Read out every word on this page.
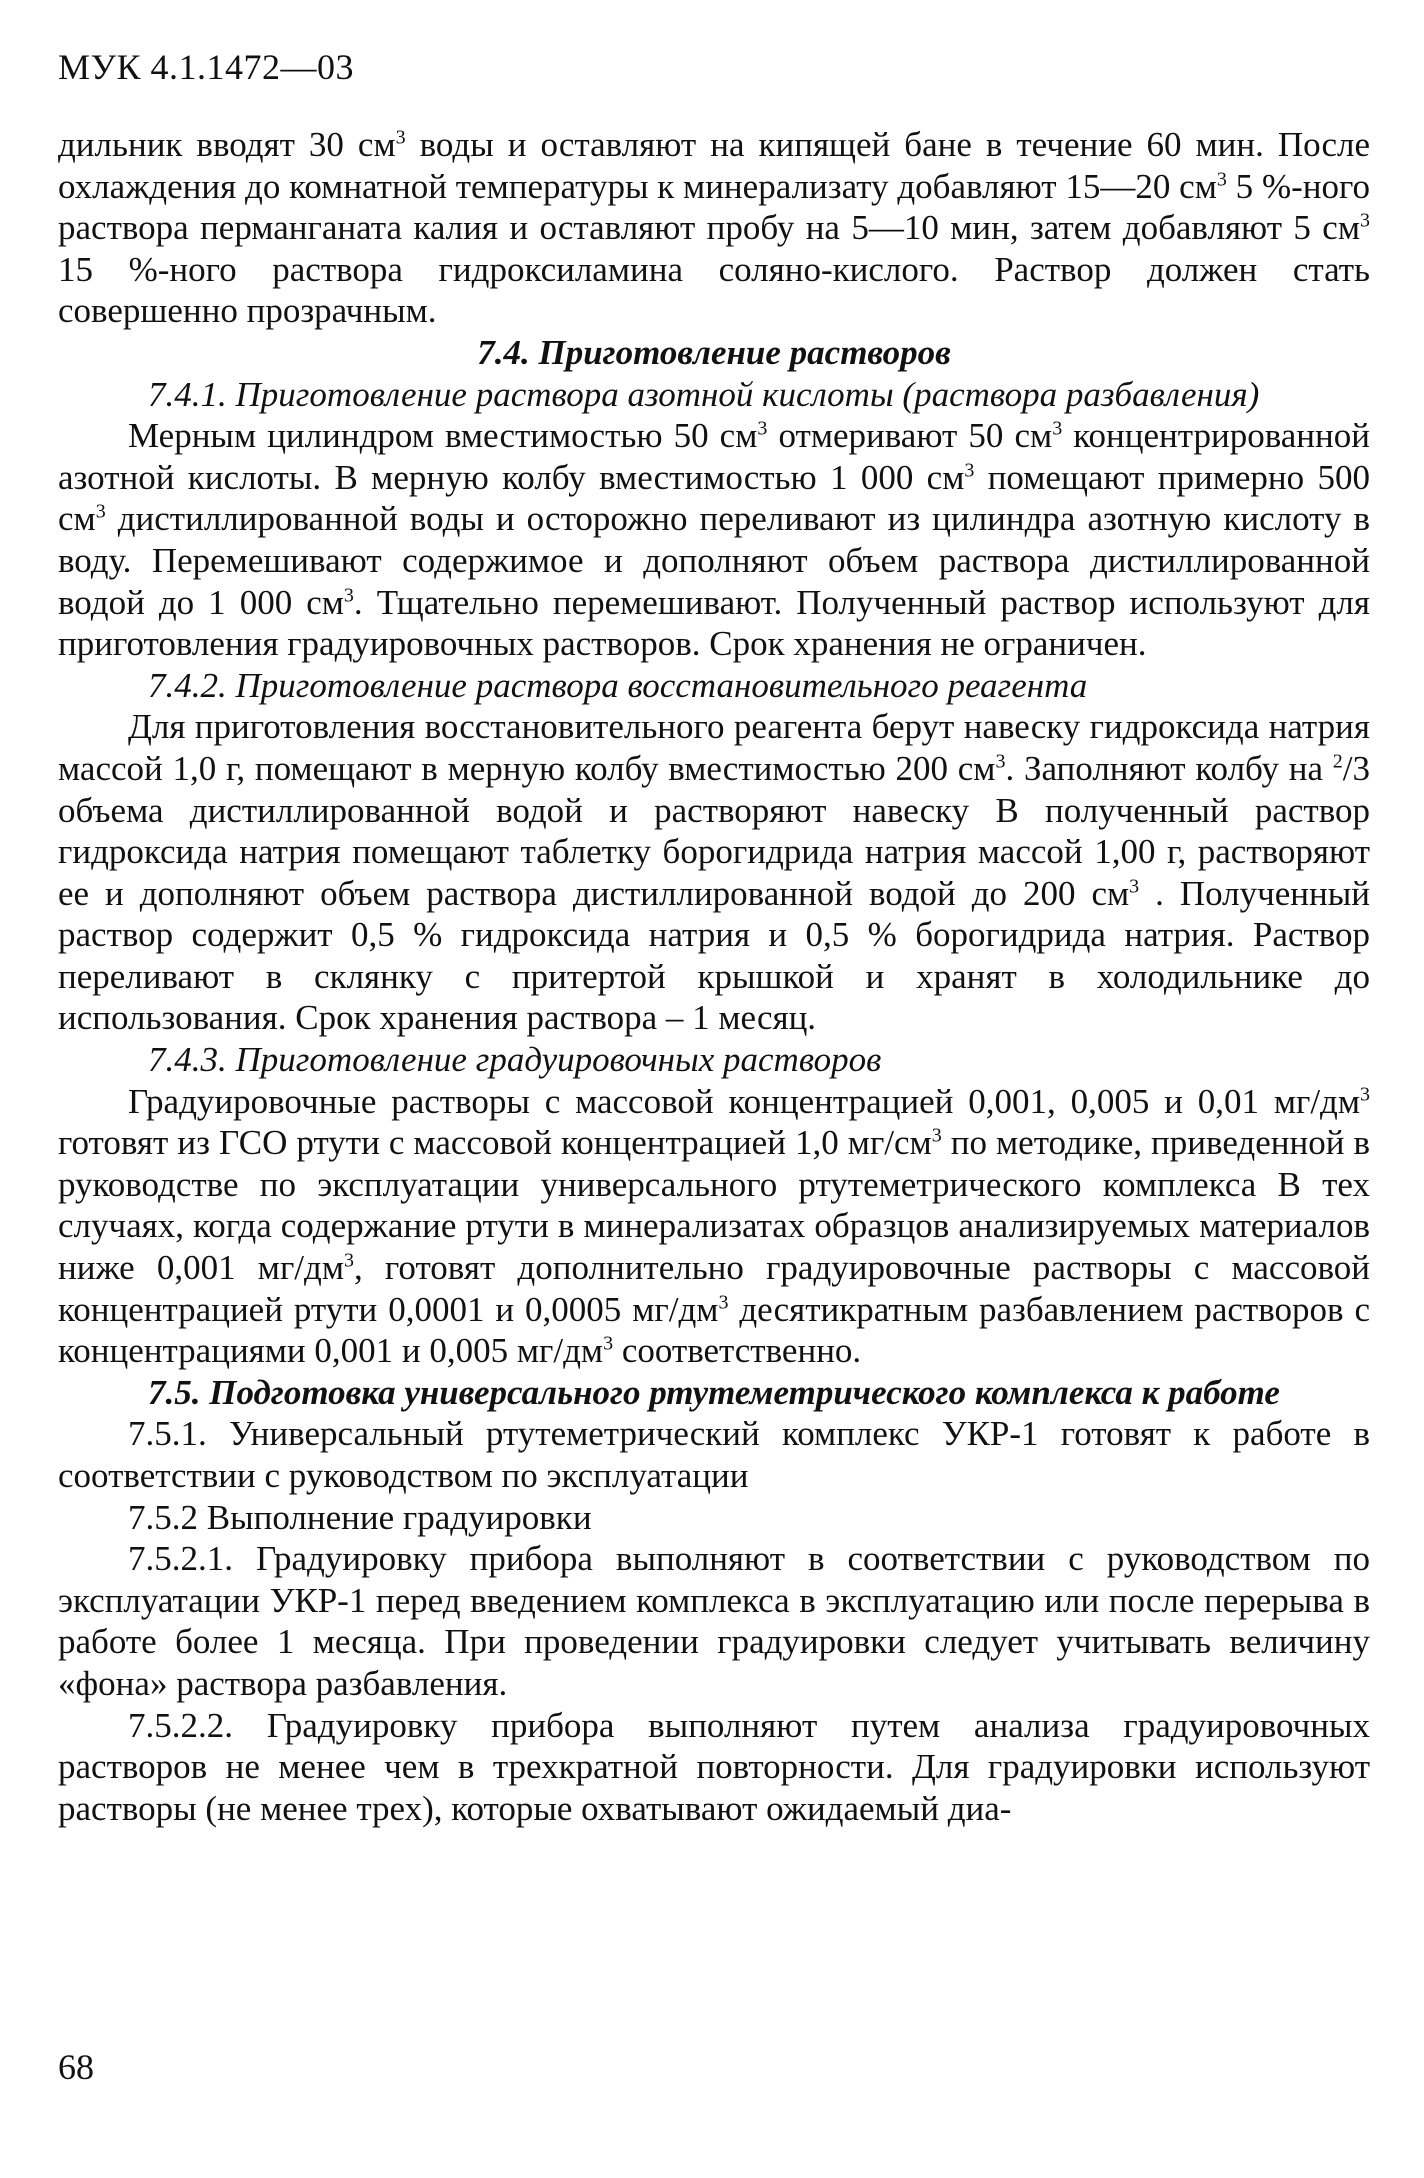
МУК 4.1.1472—03

дильник вводят 30 $см^3$ воды и оставляют на кипящей бане в течение 60 мин. После охлаждения до комнатной температуры к минерализату добавляют 15—20 $см^3$ 5 %-ного раствора перманганата калия и оставляют пробу на 5—10 мин, затем добавляют 5 $см^3$ 15 %-ного раствора гидроксиламина соляно-кислого. Раствор должен стать совершенно прозрачным.

7.4. Приготовление растворов

7.4.1. Приготовление раствора азотной кислоты (раствора разбавления)

Мерным цилиндром вместимостью 50 $см^3$ отмеривают 50 $см^3$ концентрированной азотной кислоты. В мерную колбу вместимостью 1 000 $см^3$ помещают примерно 500 $см^3$ дистиллированной воды и осторожно переливают из цилиндра азотную кислоту в воду. Перемешивают содержимое и дополняют объем раствора дистиллированной водой до 1 000 $см^3$. Тщательно перемешивают. Полученный раствор используют для приготовления градуировочных растворов. Срок хранения не ограничен.

7.4.2. Приготовление раствора восстановительного реагента

Для приготовления восстановительного реагента берут навеску гидроксида натрия массой 1,0 г, помещают в мерную колбу вместимостью 200 $см^3$. Заполняют колбу на $^2$/3 объема дистиллированной водой и растворяют навеску В полученный раствор гидроксида натрия помещают таблетку борогидрида натрия массой 1,00 г, растворяют ее и дополняют объем раствора дистиллированной водой до 200 $см^3$ . Полученный раствор содержит 0,5 % гидроксида натрия и 0,5 % борогидрида натрия. Раствор переливают в склянку с притертой крышкой и хранят в холодильнике до использования. Срок хранения раствора – 1 месяц.

7.4.3. Приготовление градуировочных растворов

Градуировочные растворы с массовой концентрацией 0,001, 0,005 и 0,01 $мг/дм^3$ готовят из ГСО ртути с массовой концентрацией 1,0 $мг/см^3$ по методике, приведенной в руководстве по эксплуатации универсального ртутеметрического комплекса В тех случаях, когда содержание ртути в минерализатах образцов анализируемых материалов ниже 0,001 $мг/дм^3$, готовят дополнительно градуировочные растворы с массовой концентрацией ртути 0,0001 и 0,0005 $мг/дм^3$ десятикратным разбавлением растворов с концентрациями 0,001 и 0,005 $мг/дм^3$ соответственно.

7.5. Подготовка универсального ртутеметрического комплекса к работе

7.5.1. Универсальный ртутеметрический комплекс УКР-1 готовят к работе в соответствии с руководством по эксплуатации

7.5.2 Выполнение градуировки

7.5.2.1. Градуировку прибора выполняют в соответствии с руководством по эксплуатации УКР-1 перед введением комплекса в эксплуатацию или после перерыва в работе более 1 месяца. При проведении градуировки следует учитывать величину «фона» раствора разбавления.

7.5.2.2. Градуировку прибора выполняют путем анализа градуировочных растворов не менее чем в трехкратной повторности. Для градуировки используют растворы (не менее трех), которые охватывают ожидаемый диа-

68
